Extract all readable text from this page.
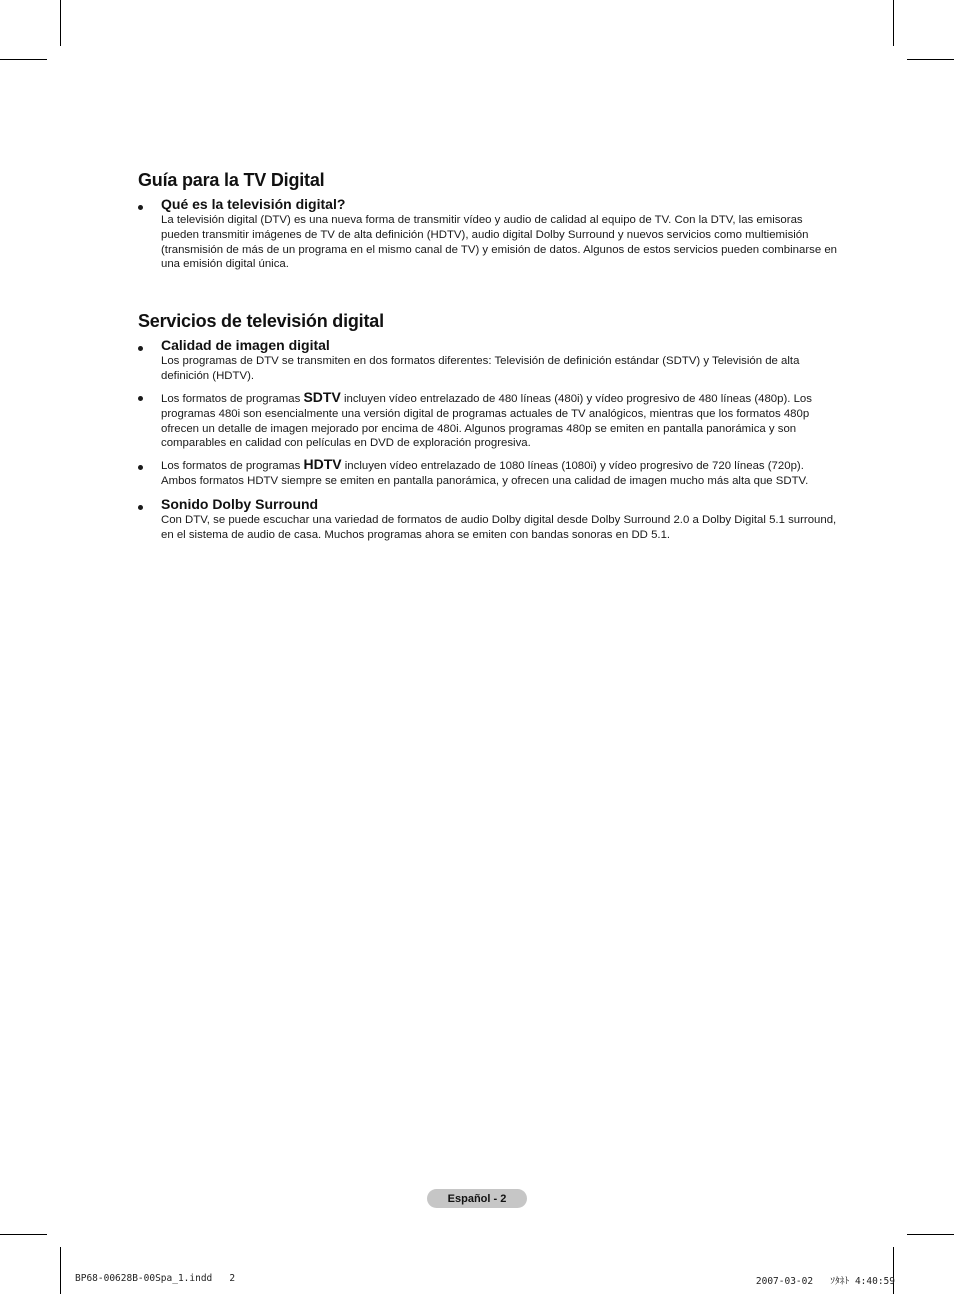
Guía para la TV Digital
Qué es la televisión digital?

La televisión digital (DTV) es una nueva forma de transmitir vídeo y audio de calidad al equipo de TV. Con la DTV, las emisoras pueden transmitir imágenes de TV de alta definición (HDTV), audio digital Dolby Surround y nuevos servicios como multiemisión (transmisión de más de un programa en el mismo canal de TV) y emisión de datos. Algunos de estos servicios pueden combinarse en una emisión digital única.

Servicios de televisión digital
Calidad de imagen digital

Los programas de DTV se transmiten en dos formatos diferentes: Televisión de definición estándar (SDTV) y Televisión de alta definición (HDTV).

Los formatos de programas SDTV incluyen vídeo entrelazado de 480 líneas (480i) y vídeo progresivo de 480 líneas (480p). Los programas 480i son esencialmente una versión digital de programas actuales de TV analógicos, mientras que los formatos 480p ofrecen un detalle de imagen mejorado por encima de 480i. Algunos programas 480p se emiten en pantalla panorámica y son comparables en calidad con películas en DVD de exploración progresiva.

Los formatos de programas HDTV incluyen vídeo entrelazado de 1080 líneas (1080i) y vídeo progresivo de 720 líneas (720p). Ambos formatos HDTV siempre se emiten en pantalla panorámica, y ofrecen una calidad de imagen mucho más alta que SDTV.

Sonido Dolby Surround

Con DTV, se puede escuchar una variedad de formatos de audio Dolby digital desde Dolby Surround 2.0 a Dolby Digital 5.1 surround, en el sistema de audio de casa. Muchos programas ahora se emiten con bandas sonoras en DD 5.1.

Español - 2

BP68-00628B-00Spa_1.indd   2	2007-03-02   ｿﾀﾈﾄ 4:40:59
